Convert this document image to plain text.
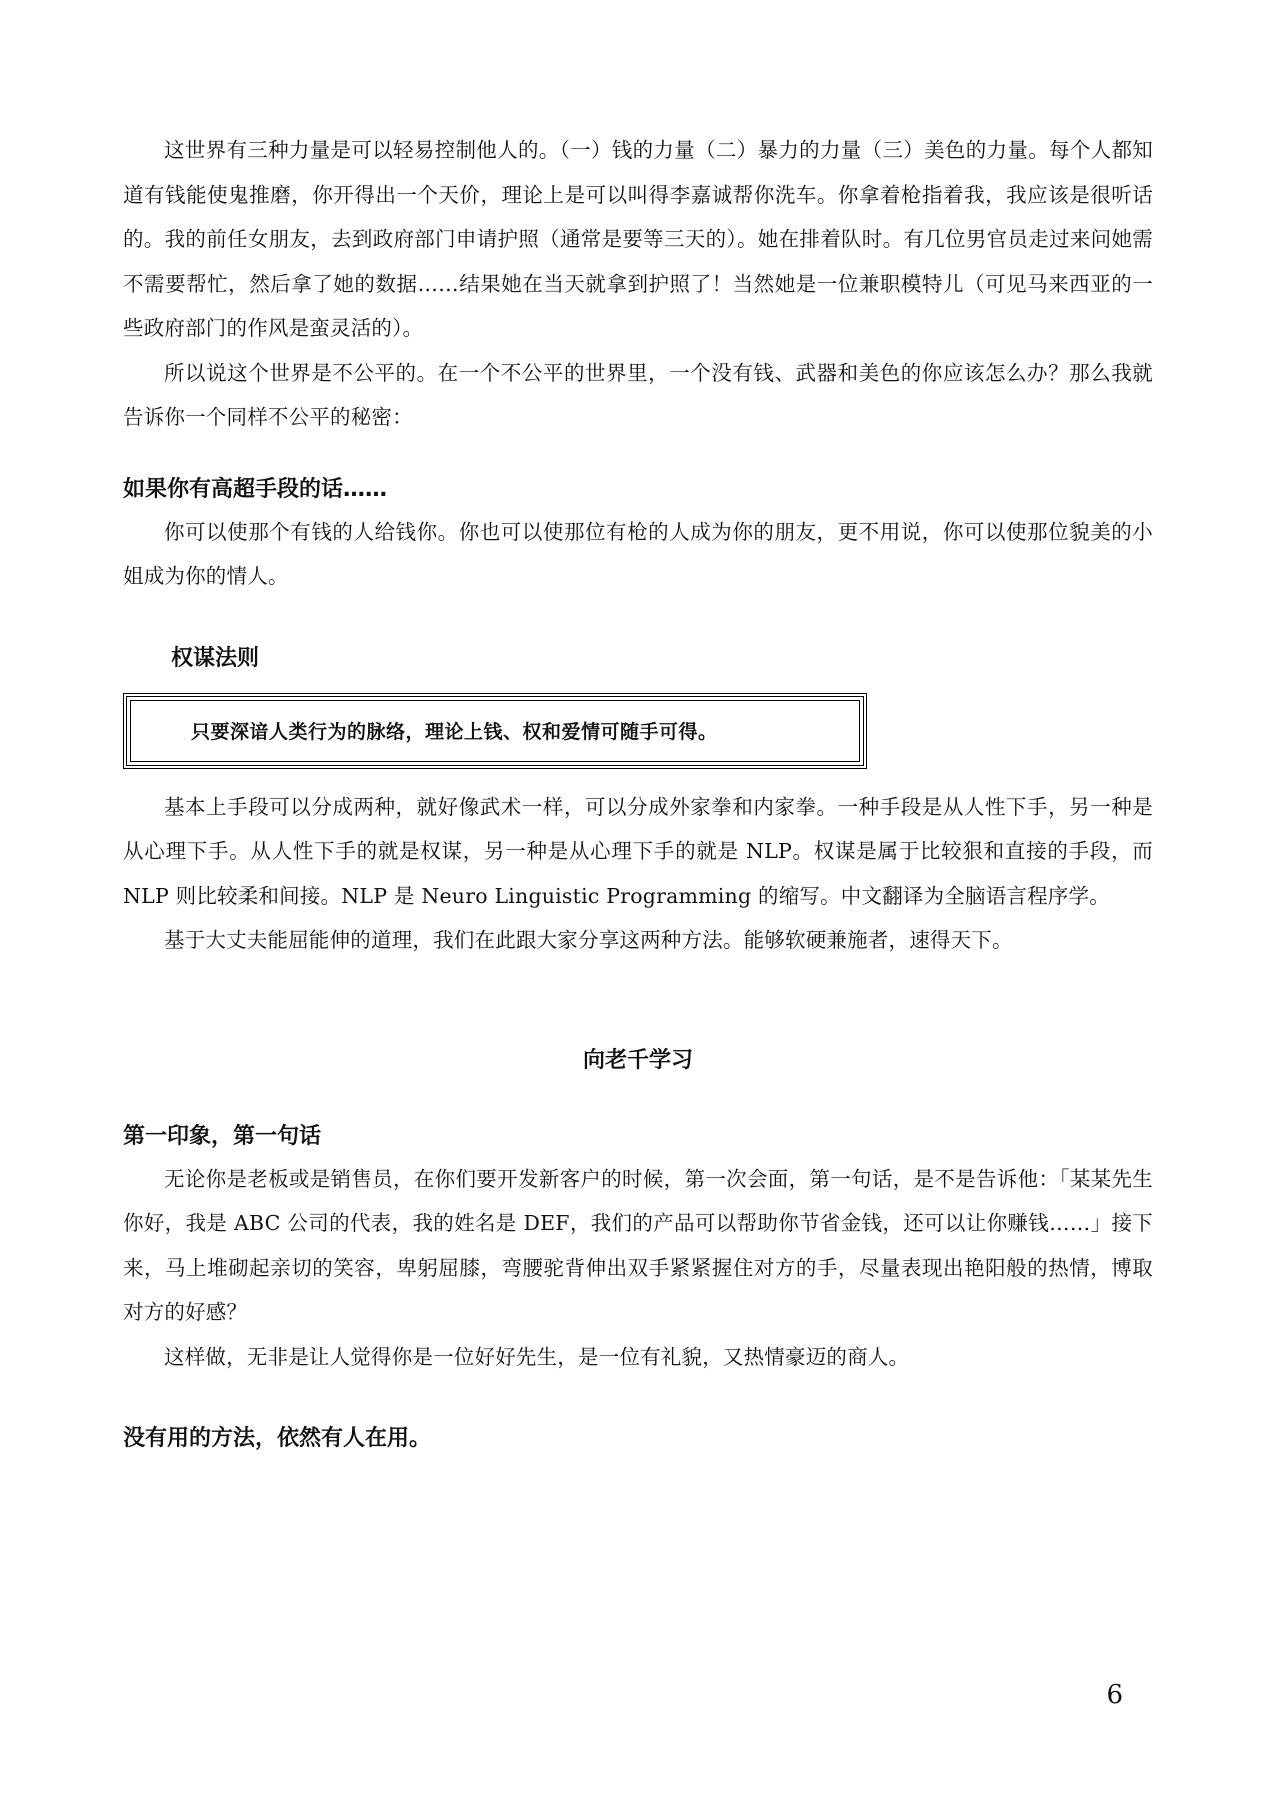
这世界有三种力量是可以轻易控制他人的。（一）钱的力量（二）暴力的力量（三）美色的力量。每个人都知道有钱能使鬼推磨，你开得出一个天价，理论上是可以叫得李嘉诚帮你洗车。你拿着枪指着我，我应该是很听话的。我的前任女朋友，去到政府部门申请护照（通常是要等三天的）。她在排着队时。有几位男官员走过来问她需不需要帮忙，然后拿了她的数据……结果她在当天就拿到护照了！当然她是一位兼职模特儿（可见马来西亚的一些政府部门的作风是蛮灵活的）。

所以说这个世界是不公平的。在一个不公平的世界里，一个没有钱、武器和美色的你应该怎么办？那么我就告诉你一个同样不公平的秘密：

如果你有高超手段的话……

你可以使那个有钱的人给钱你。你也可以使那位有枪的人成为你的朋友，更不用说，你可以使那位貌美的小姐成为你的情人。

权谋法则
只要深谙人类行为的脉络，理论上钱、权和爱情可随手可得。

基本上手段可以分成两种，就好像武术一样，可以分成外家拳和内家拳。一种手段是从人性下手，另一种是从心理下手。从人性下手的就是权谋，另一种是从心理下手的就是 NLP。权谋是属于比较狠和直接的手段，而 NLP 则比较柔和间接。NLP 是 Neuro Linguistic Programming 的缩写。中文翻译为全脑语言程序学。

基于大丈夫能屈能伸的道理，我们在此跟大家分享这两种方法。能够软硬兼施者，速得天下。

向老千学习
第一印象，第一句话

无论你是老板或是销售员，在你们要开发新客户的时候，第一次会面，第一句话，是不是告诉他：「某某先生你好，我是 ABC 公司的代表，我的姓名是 DEF，我们的产品可以帮助你节省金钱，还可以让你赚钱……」接下来，马上堆砌起亲切的笑容，卑躬屈膝，弯腰驼背伸出双手紧紧握住对方的手，尽量表现出艳阳般的热情，博取对方的好感？

这样做，无非是让人觉得你是一位好好先生，是一位有礼貌，又热情豪迈的商人。

没有用的方法，依然有人在用。
6
